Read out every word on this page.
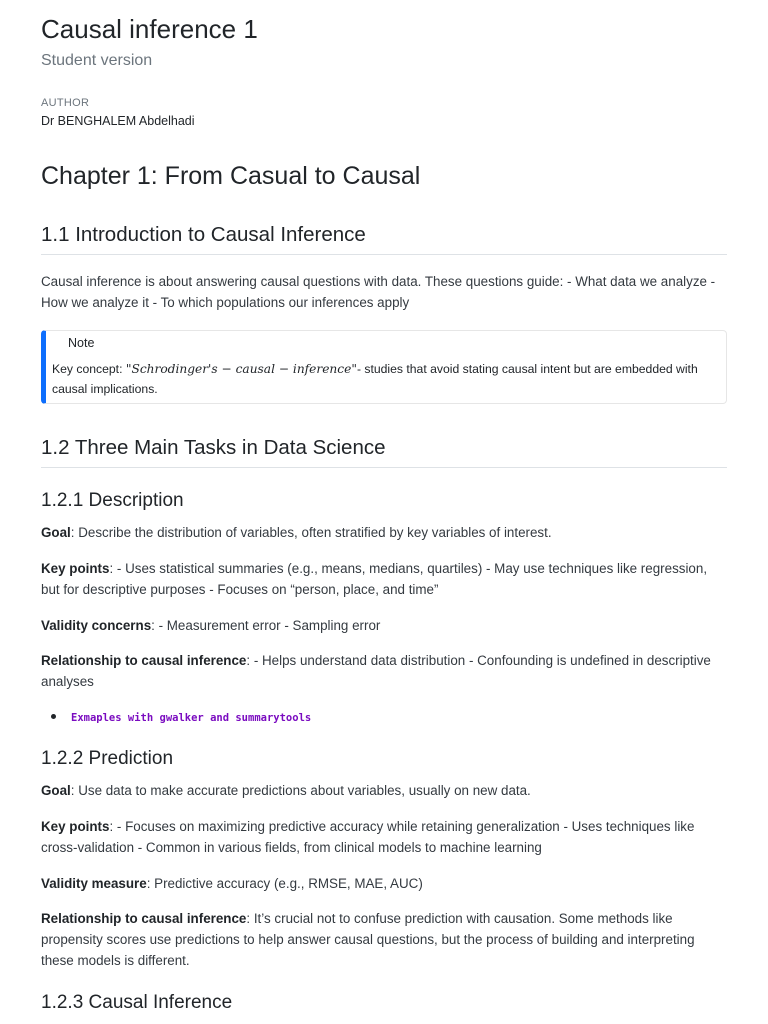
Causal inference 1
Student version
AUTHOR
Dr BENGHALEM Abdelhadi
Chapter 1: From Casual to Causal
1.1 Introduction to Causal Inference

Causal inference is about answering causal questions with data. These questions guide: - What data we analyze - How we analyze it - To which populations our inferences apply

Note
Key concept: "Schrodinger's − causal − inference"- studies that avoid stating causal intent but are embedded with causal implications.
1.2 Three Main Tasks in Data Science
1.2.1 Description

Goal: Describe the distribution of variables, often stratified by key variables of interest.

Key points: - Uses statistical summaries (e.g., means, medians, quartiles) - May use techniques like regression, but for descriptive purposes - Focuses on “person, place, and time”

Validity concerns: - Measurement error - Sampling error

Relationship to causal inference: - Helps understand data distribution - Confounding is undefined in descriptive analyses

Exmaples with gwalker and summarytools
1.2.2 Prediction

Goal: Use data to make accurate predictions about variables, usually on new data.

Key points: - Focuses on maximizing predictive accuracy while retaining generalization - Uses techniques like cross-validation - Common in various fields, from clinical models to machine learning

Validity measure: Predictive accuracy (e.g., RMSE, MAE, AUC)

Relationship to causal inference: It’s crucial not to confuse prediction with causation. Some methods like propensity scores use predictions to help answer causal questions, but the process of building and interpreting these models is different.

1.2.3 Causal Inference
